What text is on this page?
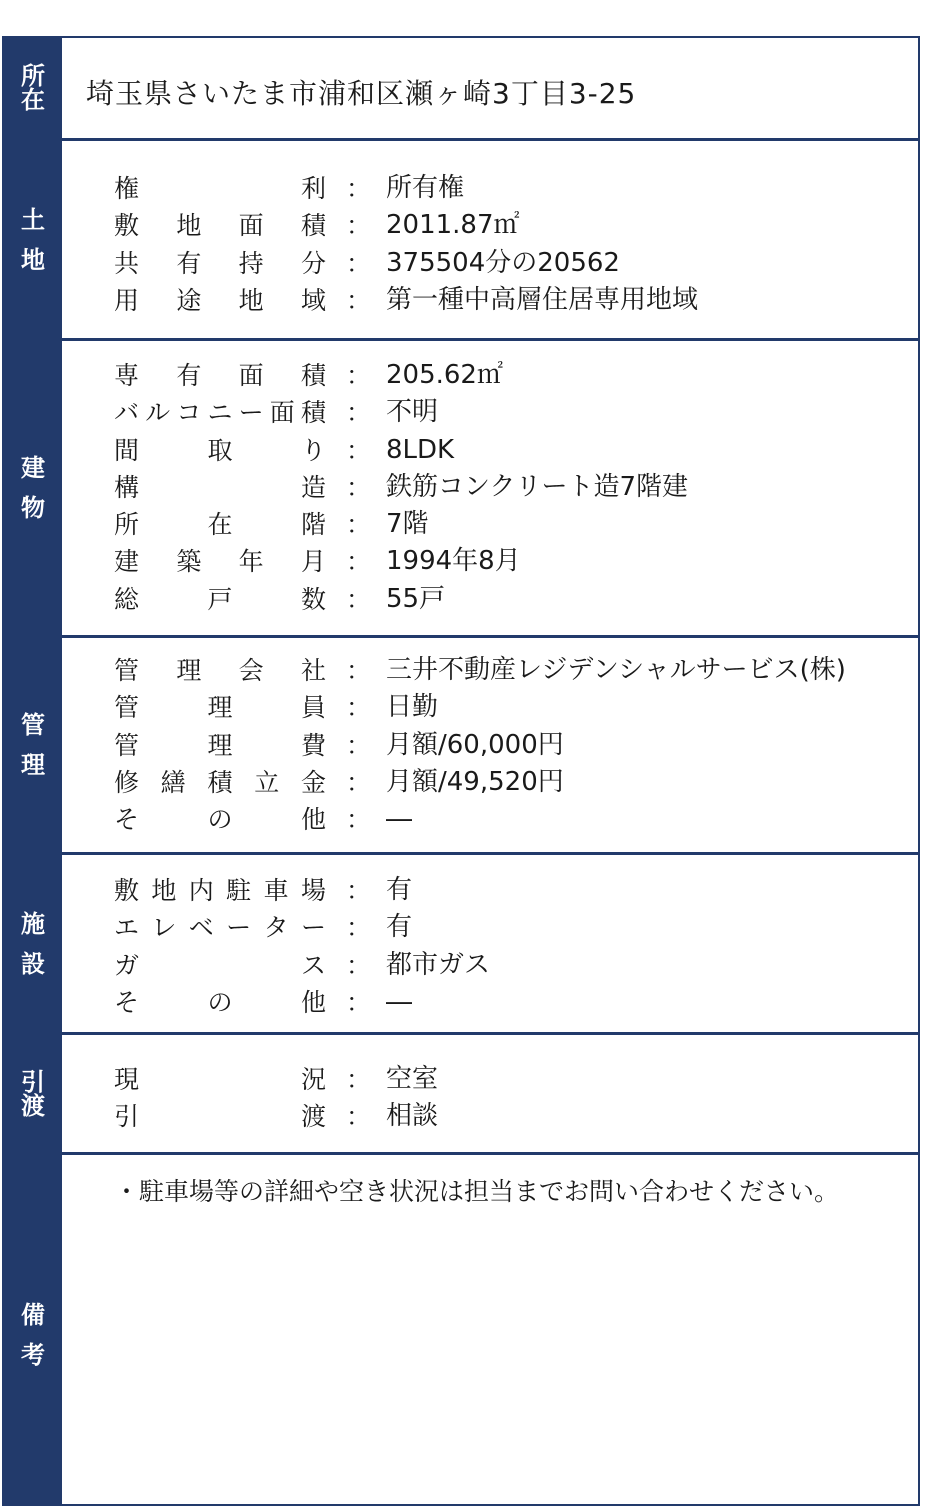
所
在 埼玉県さいたま市浦和区瀬ヶ崎3丁目3-25
土
地
権	利 ： 所有権
敷 地 面 積 ： 2011.87㎡
共 有 持 分 ： 375504分の20562
用 途 地 域 ： 第一種中高層住居専用地域
建
物
専 有 面 積 ： 205.62㎡
バ ル コ ニ ー 面 積 ： 不明
間	取	り ： 8LDK
構	造 ： 鉄筋コンクリート造7階建
所	在	階 ： 7階
建 築 年 月 ： 1994年8月
総	戸	数 ： 55戸
管
理
管 理 会 社 ： 三井不動産レジデンシャルサービス(株)
管	理	員 ： 日勤
管	理	費 ： 月額/60,000円
修 繕 積 立 金 ： 月額/49,520円
そ	の	他 ： ―
施
設
敷 地 内 駐 車 場 ： 有
エ レ ベ ー タ ー ： 有
ガ	ス ： 都市ガス
そ	の	他 ： ―
引
渡
現	況 ： 空室
引	渡 ： 相談
備
考
・駐車場等の詳細や空き状況は担当までお問い合わせください。
